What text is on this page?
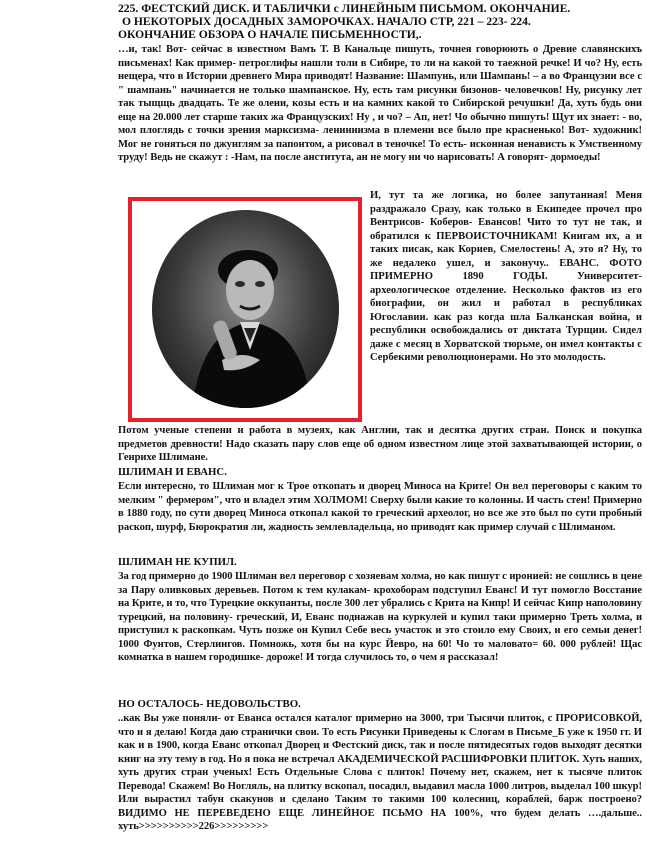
225. ФЕСТСКИЙ ДИСК. И ТАБЛИЧКИ с ЛИНЕЙНЫМ ПИСЬМОМ. ОКОНЧАНИЕ.
О НЕКОТОРЫХ ДОСАДНЫХ ЗАМОРОЧКАХ. НАЧАЛО СТР, 221 – 223- 224.
ОКОНЧАНИЕ ОБЗОРА О НАЧАЛЕ ПИСЬМЕННОСТИ,.
…и, так! Вот- сейчас в известном Вамъ Т. В Канальце пишуть, точнея говорюють о Древие славянскихъ письменах! Как пример- петроглифы нашли толи в Сибире, то ли на какой то таежной речке! И чо? Ну, есть нещера, что в Истории древнего Мира приводят! Название: Шампунь, или Шампань! – а во Французии все с " шампань" начинается не только шампанское. Ну, есть там рисунки бизонов- человечков! Ну, рисунку лет так тыщщь двадцать. Те же олени, козы есть и на камних какой то Сибирской речушки! Да, хуть будь они еще на 20.000 лет старше таких жа Французских! Ну , и чо? – Ап, нет! Чо обычно пишуть! Щут их знает: - во, мол плоглядь с точки зрения марксизма- лениннизма в племени все было пре красненько! Вот- художник! Мог не гоняться по джунглям за папонтом, а рисовал в теночке! То есть- исконная ненависть к Умственному труду! Ведь не скажут : -Нам, па после анститута, ан не могу ни чо нарисовать! А говорят- дормоеды!
И, тут та же логика, но более запутанная! Меня раздражало Сразу, как только в Екипедее прочел про Вентрисов- Коберов- Евансов! Чито то тут не так, и обратился к ПЕРВОИСТОЧНИКАМ! Книгам их, а и таких писак, как Кориев, Смелостень! А, это я? Ну, то же недалеко ушел, и законучу.. ЕВАНС. ФОТО ПРИМЕРНО 1890 ГОДЫ. Университет- археологическое отделение. Несколько фактов из его биографии, он жил и работал в республиках Югославии. как раз когда шла Балканская война, и республики освобождались от диктата Турщии. Сидел даже с месяц в Хорватской тюрьме, он имел контакты с Сербекими революционерами. Но это молодость.
Потом ученые степени и работа в музеях, как Англии, так и десятка других стран. Поиск и покупка предметов древности! Надо сказать пару слов еще об одном известном лице этой захватывающей истории, о Генрихе Шлимане.
ШЛИМАН И ЕВАНС.
Если интересно, то Шлиман мог к Трое откопать и дворец Миноса на Крите! Он вел переговоры с каким то мелким " фермером", что и владел этим ХОЛМОМ! Сверху были какие то колонны. И часть стен! Примерно в 1880 году, по сути дворец Миноса откопал какой то греческий археолог, но все же это был по сути пробный раскоп, шурф, Бюрократия ли, жадность землевладельца, но приводят как пример случай с Шлиманом.
ШЛИМАН НЕ КУПИЛ.
За год примерно до 1900 Шлиман вел переговор с хозяевам холма, но как пишут с иронией: не сошлись в цене за Пару оливковых деревьев. Потом к тем кулакам- крохоборам подступил Еванс! И тут помогло Восстание на Крите, и то, что Турецкие оккупанты, после 300 лет убрались с Крита на Кипр! И сейчас Кипр наполовину турецкий, на половину- греческий, И, Еванс поднажав на куркулей и купил таки примерно Треть холма, и приступил к раскопкам. Чуть позже он Купил Себе весь участок и это стоило ему Своих, и его семьи денег! 1000 Фунтов, Стерлингов. Помножь, хотя бы на курс Йевро, на 60! Чо то маловато= 60. 000 рублей! Щас комнатка в нашем городишке- дороже! И тогда случилось то, о чем я рассказал!
НО ОСТАЛОСЬ- НЕДОВОЛЬСТВО.
..как Вы уже поняли- от Еванса остался каталог примерно на 3000, три Тысячи плиток, с ПРОРИСОВКОЙ, что и я делаю! Когда даю странички свои. То есть Рисунки Приведены к Слогам в Письме_Б уже к 1950 гг. И как и в 1900, когда Еванс откопал Дворец и Фестский диск, так и после пятидесятых годов выходят десятки книг на эту тему в год. Но я пока не встречал АКАДЕМИЧЕСКОЙ РАСШИФРОВКИ ПЛИТОК. Хуть наших, хуть других стран ученых! Есть Отдельные Слова с плиток! Почему нет, скажем, нет к тысяче плиток Перевода! Скажем! Во Ногляль, на плитку вскопал, посадил, выдавил масла 1000 литров, выделал 100 шкур! Или вырастил табун скакунов и сделано Таким то такими 100 колесниц, кораблей, барж построено? ВИДИМО НЕ ПЕРЕВЕДЕНО ЕЩЕ ЛИНЕЙНОЕ ПСЬМО НА 100%, что будем делать ….дальше.. хуть>>>>>>>>>>226>>>>>>>>>
